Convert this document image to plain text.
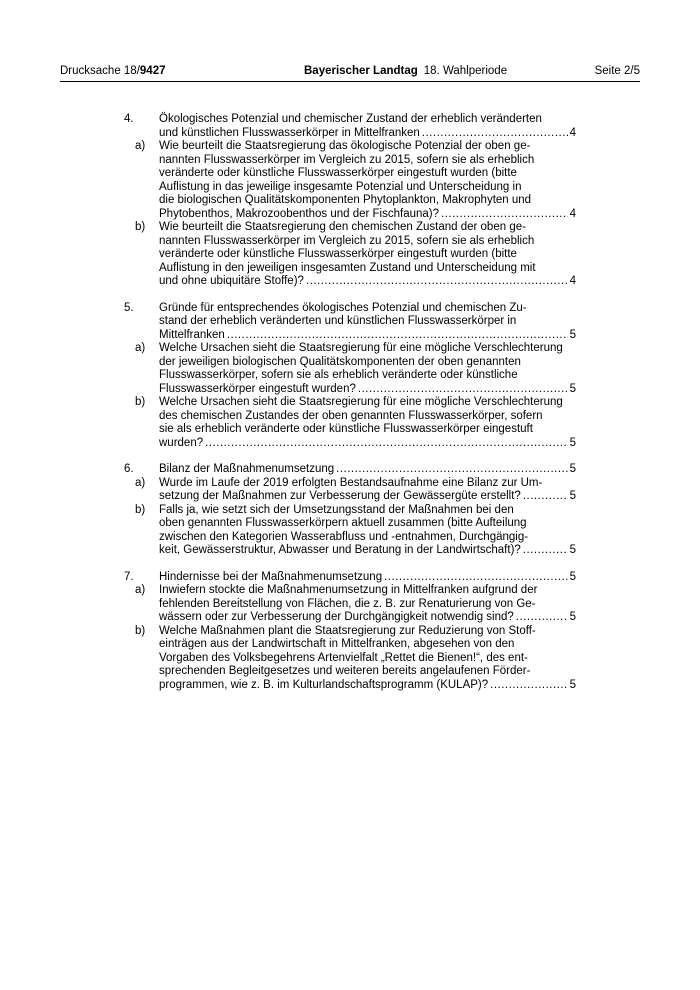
Drucksache 18/9427	Bayerischer Landtag 18. Wahlperiode	Seite 2/5
4. Ökologisches Potenzial und chemischer Zustand der erheblich veränderten
und künstlichen Flusswasserkörper in Mittelfranken .....	4
a) Wie beurteilt die Staatsregierung das ökologische Potenzial der oben ge-
nannten Flusswasserkörper im Vergleich zu 2015, sofern sie als erheblich
veränderte oder künstliche Flusswasserkörper eingestuft wurden (bitte
Auflistung in das jeweilige insgesamte Potenzial und Unterscheidung in
die biologischen Qualitätskomponenten Phytoplankton, Makrophyten und
Phytobenthos, Makrozoobenthos und der Fischfauna)? .....	4
b) Wie beurteilt die Staatsregierung den chemischen Zustand der oben ge-
nannten Flusswasserkörper im Vergleich zu 2015, sofern sie als erheblich
veränderte oder künstliche Flusswasserkörper eingestuft wurden (bitte
Auflistung in den jeweiligen insgesamten Zustand und Unterscheidung mit
und ohne ubiquitäre Stoffe)? .....	4
5. Gründe für entsprechendes ökologisches Potenzial und chemischen Zu-
stand der erheblich veränderten und künstlichen Flusswasserkörper in
Mittelfranken .....	5
a) Welche Ursachen sieht die Staatsregierung für eine mögliche Verschlechterung
der jeweiligen biologischen Qualitätskomponenten der oben genannten
Flusswasserkörper, sofern sie als erheblich veränderte oder künstliche
Flusswasserkörper eingestuft wurden? .....	5
b) Welche Ursachen sieht die Staatsregierung für eine mögliche Verschlechterung
des chemischen Zustandes der oben genannten Flusswasserkörper, sofern
sie als erheblich veränderte oder künstliche Flusswasserkörper eingestuft
wurden? .....	5
6. Bilanz der Maßnahmenumsetzung .....	5
a) Wurde im Laufe der 2019 erfolgten Bestandsaufnahme eine Bilanz zur Um-
setzung der Maßnahmen zur Verbesserung der Gewässergüte erstellt? .....	5
b) Falls ja, wie setzt sich der Umsetzungsstand der Maßnahmen bei den
oben genannten Flusswasserkörpern aktuell zusammen (bitte Aufteilung
zwischen den Kategorien Wasserabfluss und -entnahmen, Durchgängig-
keit, Gewässerstruktur, Abwasser und Beratung in der Landwirtschaft)? .....	5
7. Hindernisse bei der Maßnahmenumsetzung .....	5
a) Inwiefern stockte die Maßnahmenumsetzung in Mittelfranken aufgrund der
fehlenden Bereitstellung von Flächen, die z. B. zur Renaturierung von Ge-
wässern oder zur Verbesserung der Durchgängigkeit notwendig sind? .....	5
b) Welche Maßnahmen plant die Staatsregierung zur Reduzierung von Stoff-
einträgen aus der Landwirtschaft in Mittelfranken, abgesehen von den
Vorgaben des Volksbegehrens Artenvielfalt „Rettet die Bienen!“, des ent-
sprechenden Begleitgesetzes und weiteren bereits angelaufenen Förder-
programmen, wie z. B. im Kulturlandschaftsprogramm (KULAP)? .....	5
